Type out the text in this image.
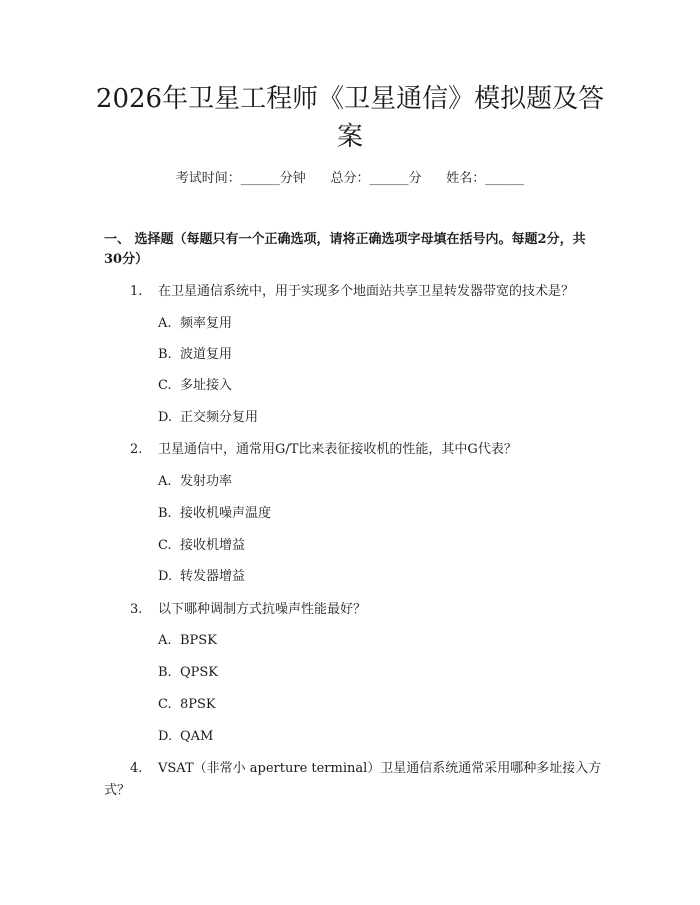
2026年卫星工程师《卫星通信》模拟题及答案
考试时间：______分钟      总分：______分      姓名：______
一、 选择题（每题只有一个正确选项，请将正确选项字母填在括号内。每题2分，共30分）
1. 在卫星通信系统中，用于实现多个地面站共享卫星转发器带宽的技术是？
A. 频率复用
B. 波道复用
C. 多址接入
D. 正交频分复用
2. 卫星通信中，通常用G/T比来表征接收机的性能，其中G代表？
A. 发射功率
B. 接收机噪声温度
C. 接收机增益
D. 转发器增益
3. 以下哪种调制方式抗噪声性能最好？
A. BPSK
B. QPSK
C. 8PSK
D. QAM
4. VSAT（非常小 aperture terminal）卫星通信系统通常采用哪种多址接入方式？
